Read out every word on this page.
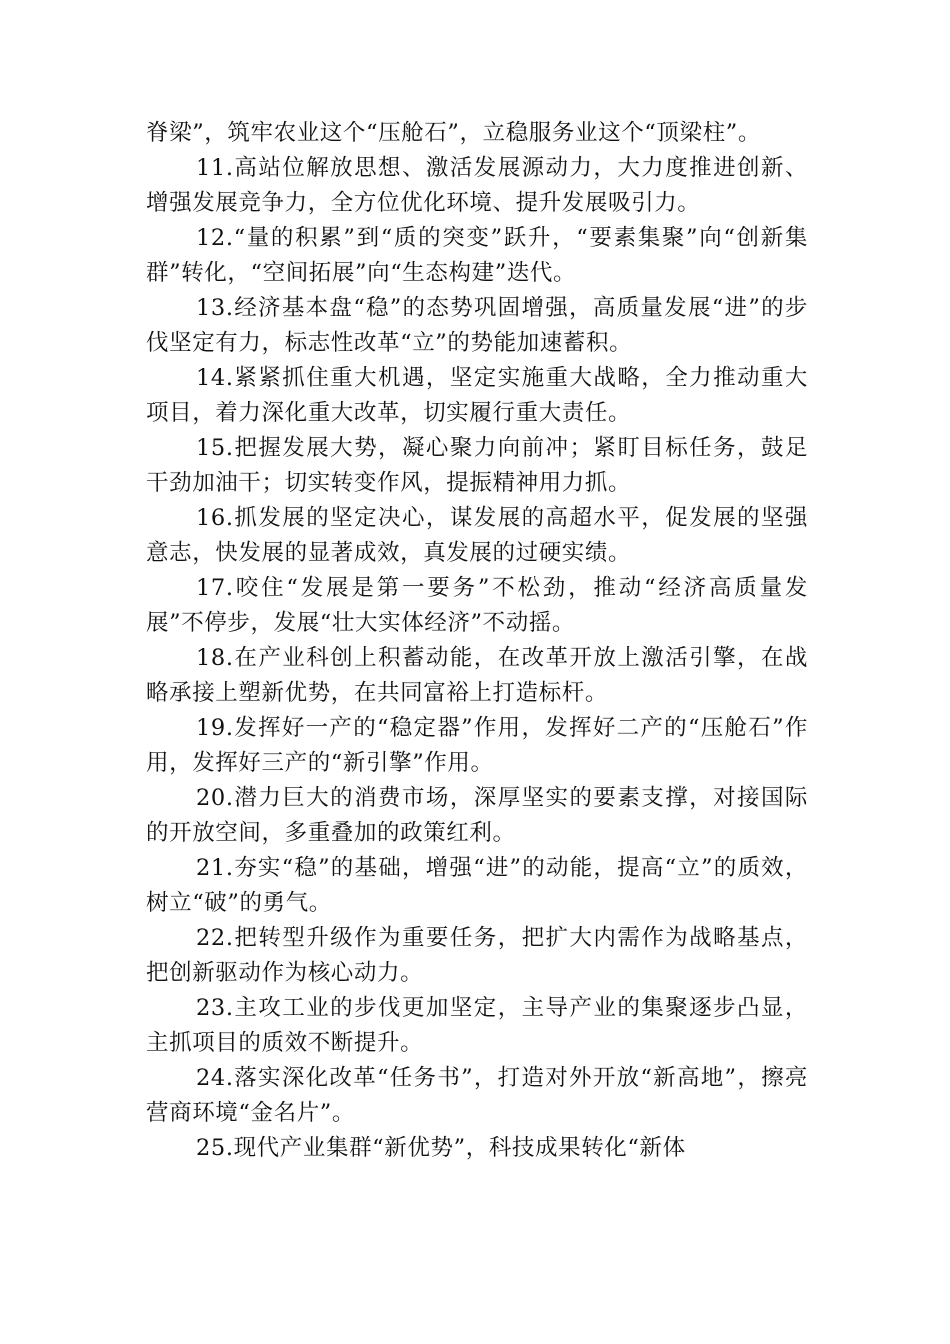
脊梁”，筑牢农业这个“压舱石”，立稳服务业这个“顶梁柱”。

11.高站位解放思想、激活发展源动力，大力度推进创新、增强发展竞争力，全方位优化环境、提升发展吸引力。

12.“量的积累”到“质的突变”跃升，“要素集聚”向“创新集群”转化，“空间拓展”向“生态构建”迭代。

13.经济基本盘“稳”的态势巩固增强，高质量发展“进”的步伐坚定有力，标志性改革“立”的势能加速蓄积。

14.紧紧抓住重大机遇，坚定实施重大战略，全力推动重大项目，着力深化重大改革，切实履行重大责任。

15.把握发展大势，凝心聚力向前冲；紧盯目标任务，鼓足干劲加油干；切实转变作风，提振精神用力抓。

16.抓发展的坚定决心，谋发展的高超水平，促发展的坚强意志，快发展的显著成效，真发展的过硬实绩。

17.咬住“发展是第一要务”不松劲，推动“经济高质量发展”不停步，发展“壮大实体经济”不动摇。

18.在产业科创上积蓄动能，在改革开放上激活引擎，在战略承接上塑新优势，在共同富裕上打造标杆。

19.发挥好一产的“稳定器”作用，发挥好二产的“压舱石”作用，发挥好三产的“新引擎”作用。

20.潜力巨大的消费市场，深厚坚实的要素支撑，对接国际的开放空间，多重叠加的政策红利。

21.夯实“稳”的基础，增强“进”的动能，提高“立”的质效，树立“破”的勇气。

22.把转型升级作为重要任务，把扩大内需作为战略基点，把创新驱动作为核心动力。

23.主攻工业的步伐更加坚定，主导产业的集聚逐步凸显，主抓项目的质效不断提升。

24.落实深化改革“任务书”，打造对外开放“新高地”，擦亮营商环境“金名片”。

25.现代产业集群“新优势”，科技成果转化“新体
